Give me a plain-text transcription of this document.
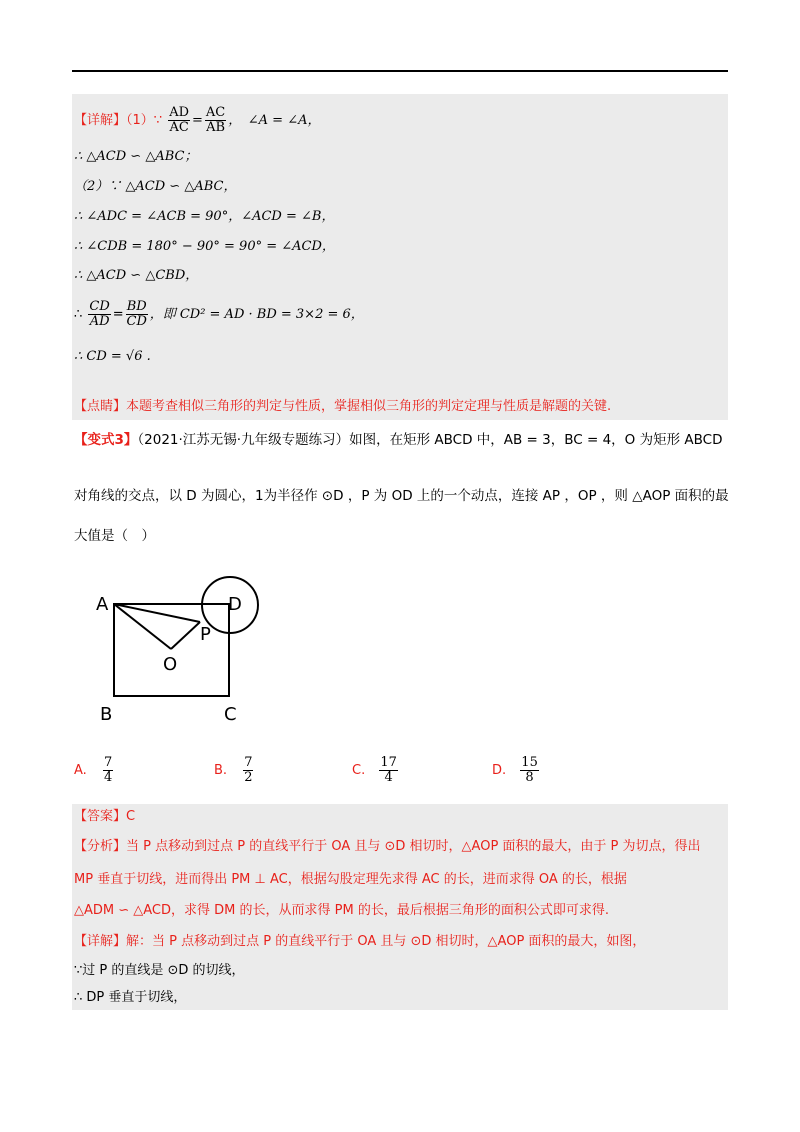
【详解】（1）∵ $\frac{AD}{AC} = \frac{AC}{AB}$ ，　∠A = ∠A，
∴ △ACD ∽ △ABC；
（2）∵ △ACD ∽ △ABC，
∴ ∠ADC = ∠ACB = 90°，∠ACD = ∠B，
∴ ∠CDB = 180° − 90° = 90° = ∠ACD，
∴ △ACD ∽ △CBD，
∴ $\frac{CD}{AD} = \frac{BD}{CD}$ ，即 CD² = AD · BD = 3×2 = 6，
∴ CD = √6 .
【点睛】本题考查相似三角形的判定与性质，掌握相似三角形的判定定理与性质是解题的关键.
【变式3】（2021·江苏无锡·九年级专题练习）如图，在矩形 ABCD 中，AB = 3，BC = 4，O 为矩形 ABCD
对角线的交点，以 D 为圆心，1为半径作 ⊙D ，P 为 OD 上的一个动点，连接 AP ，OP ，则 △AOP 面积的最
大值是（　）
A
B	C
D
O
P
A. $\frac{7}{4}$	B. $\frac{7}{2}$	C. $\frac{17}{4}$	D. $\frac{15}{8}$
【答案】C
【分析】当 P 点移动到过点 P 的直线平行于 OA 且与 ⊙D 相切时，△AOP 面积的最大，由于 P 为切点，得出
MP 垂直于切线，进而得出 PM ⊥ AC，根据勾股定理先求得 AC 的长，进而求得 OA 的长，根据
△ADM ∽ △ACD，求得 DM 的长，从而求得 PM 的长，最后根据三角形的面积公式即可求得.
【详解】解：当 P 点移动到过点 P 的直线平行于 OA 且与 ⊙D 相切时，△AOP 面积的最大，如图，
∵过 P 的直线是 ⊙D 的切线，
∴ DP 垂直于切线，
